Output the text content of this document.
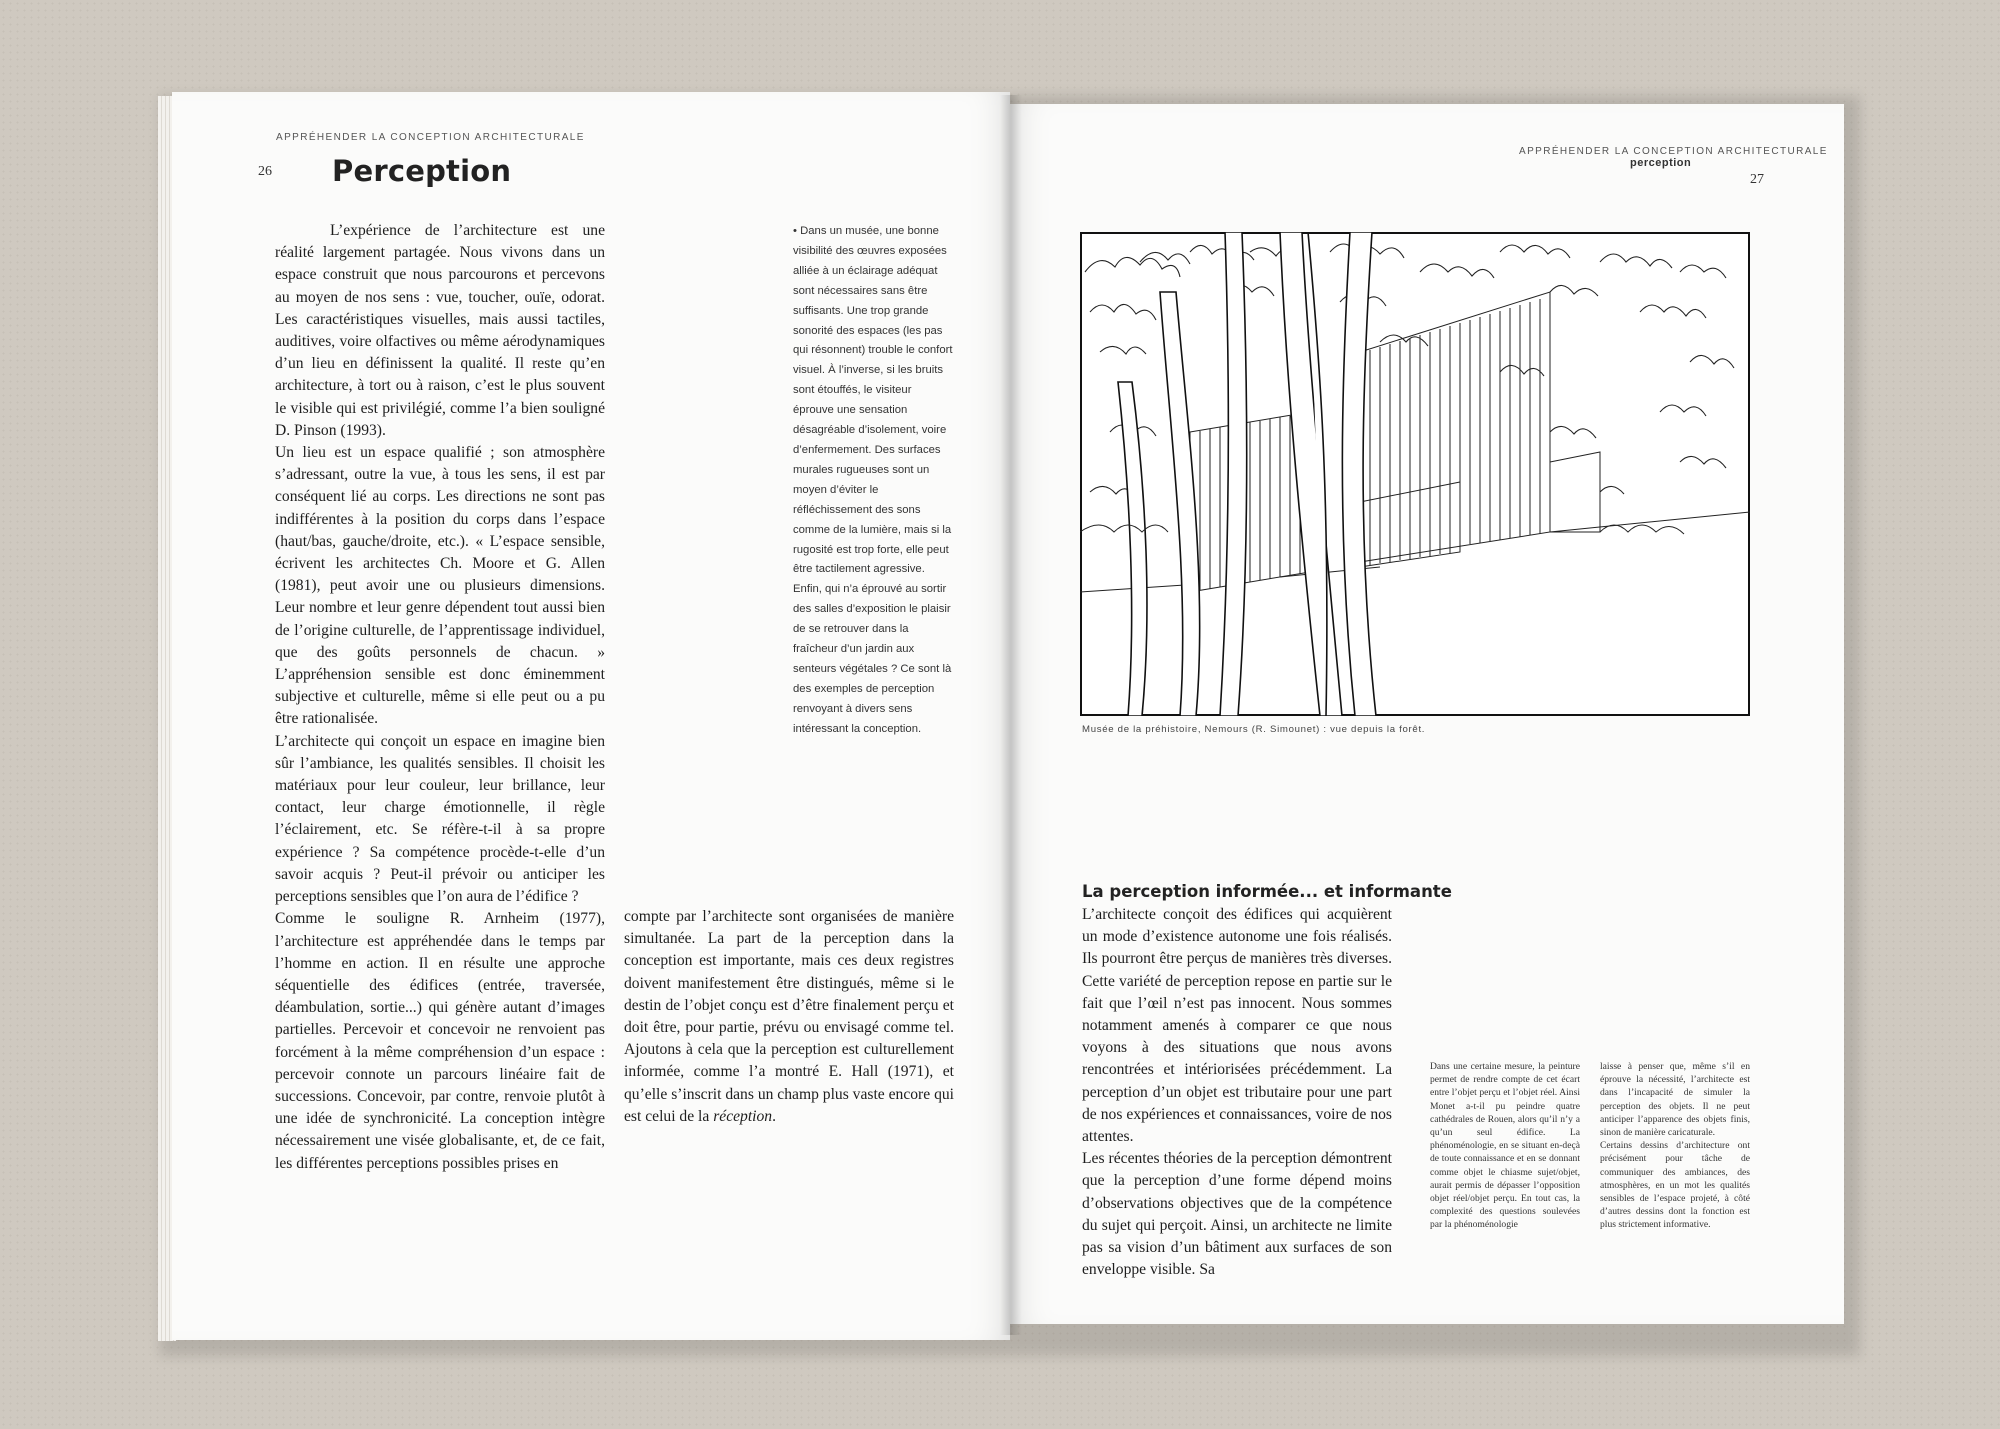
APPRÉHENDER LA CONCEPTION ARCHITECTURALE
26 Perception

L’expérience de l’architecture est une réalité largement partagée. Nous vivons dans un espace construit que nous parcourons et percevons au moyen de nos sens : vue, toucher, ouïe, odorat. Les caractéristiques visuelles, mais aussi tactiles, auditives, voire olfactives ou même aérodynamiques d’un lieu en définissent la qualité. Il reste qu’en architecture, à tort ou à raison, c’est le plus souvent le visible qui est privilégié, comme l’a bien souligné D. Pinson (1993).

Un lieu est un espace qualifié ; son atmosphère s’adressant, outre la vue, à tous les sens, il est par conséquent lié au corps. Les directions ne sont pas indifférentes à la position du corps dans l’espace (haut/bas, gauche/droite, etc.). « L’espace sensible, écrivent les architectes Ch. Moore et G. Allen (1981), peut avoir une ou plusieurs dimensions. Leur nombre et leur genre dépendent tout aussi bien de l’origine culturelle, de l’apprentissage individuel, que des goûts personnels de chacun. » L’appréhension sensible est donc éminemment subjective et culturelle, même si elle peut ou a pu être rationalisée.

L’architecte qui conçoit un espace en imagine bien sûr l’ambiance, les qualités sensibles. Il choisit les matériaux pour leur couleur, leur brillance, leur contact, leur charge émotionnelle, il règle l’éclairement, etc. Se réfère-t-il à sa propre expérience ? Sa compétence procède-t-elle d’un savoir acquis ? Peut-il prévoir ou anticiper les perceptions sensibles que l’on aura de l’édifice ?

Comme le souligne R. Arnheim (1977), l’architecture est appréhendée dans le temps par l’homme en action. Il en résulte une approche séquentielle des édifices (entrée, traversée, déambulation, sortie...) qui génère autant d’images partielles. Percevoir et concevoir ne renvoient pas forcément à la même compréhension d’un espace : percevoir connote un parcours linéaire fait de successions. Concevoir, par contre, renvoie plutôt à une idée de synchronicité. La conception intègre nécessairement une visée globalisante, et, de ce fait, les différentes perceptions possibles prises en

compte par l’architecte sont organisées de manière simultanée. La part de la perception dans la conception est importante, mais ces deux registres doivent manifestement être distingués, même si le destin de l’objet conçu est d’être finalement perçu et doit être, pour partie, prévu ou envisagé comme tel. Ajoutons à cela que la perception est culturellement informée, comme l’a montré E. Hall (1971), et qu’elle s’inscrit dans un champ plus vaste encore qui est celui de la réception.

• Dans un musée, une bonne visibilité des œuvres exposées alliée à un éclairage adéquat sont nécessaires sans être suffisants. Une trop grande sonorité des espaces (les pas qui résonnent) trouble le confort visuel. À l’inverse, si les bruits sont étouffés, le visiteur éprouve une sensation désagréable d’isolement, voire d’enfermement. Des surfaces murales rugueuses sont un moyen d’éviter le réfléchissement des sons comme de la lumière, mais si la rugosité est trop forte, elle peut être tactilement agressive. Enfin, qui n’a éprouvé au sortir des salles d’exposition le plaisir de se retrouver dans la fraîcheur d’un jardin aux senteurs végétales ? Ce sont là des exemples de perception renvoyant à divers sens intéressant la conception.
APPRÉHENDER LA CONCEPTION ARCHITECTURALE
perception
27
Musée de la préhistoire, Nemours (R. Simounet) : vue depuis la forêt.
La perception informée... et informante

L’architecte conçoit des édifices qui acquièrent un mode d’existence autonome une fois réalisés. Ils pourront être perçus de manières très diverses. Cette variété de perception repose en partie sur le fait que l’œil n’est pas innocent. Nous sommes notamment amenés à comparer ce que nous voyons à des situations que nous avons rencontrées et intériorisées précédemment. La perception d’un objet est tributaire pour une part de nos expériences et connaissances, voire de nos attentes.

Les récentes théories de la perception démontrent que la perception d’une forme dépend moins d’observations objectives que de la compétence du sujet qui perçoit. Ainsi, un architecte ne limite pas sa vision d’un bâtiment aux surfaces de son enveloppe visible. Sa

Dans une certaine mesure, la peinture permet de rendre compte de cet écart entre l’objet perçu et l’objet réel. Ainsi Monet a-t-il pu peindre quatre cathédrales de Rouen, alors qu’il n’y a qu’un seul édifice. La phénoménologie, en se situant en-deçà de toute connaissance et en se donnant comme objet le chiasme sujet/objet, aurait permis de dépasser l’opposition objet réel/objet perçu. En tout cas, la complexité des questions soulevées par la phénoménologie

laisse à penser que, même s’il en éprouve la nécessité, l’architecte est dans l’incapacité de simuler la perception des objets. Il ne peut anticiper l’apparence des objets finis, sinon de manière caricaturale.

Certains dessins d’architecture ont précisément pour tâche de communiquer des ambiances, des atmosphères, en un mot les qualités sensibles de l’espace projeté, à côté d’autres dessins dont la fonction est plus strictement informative.
